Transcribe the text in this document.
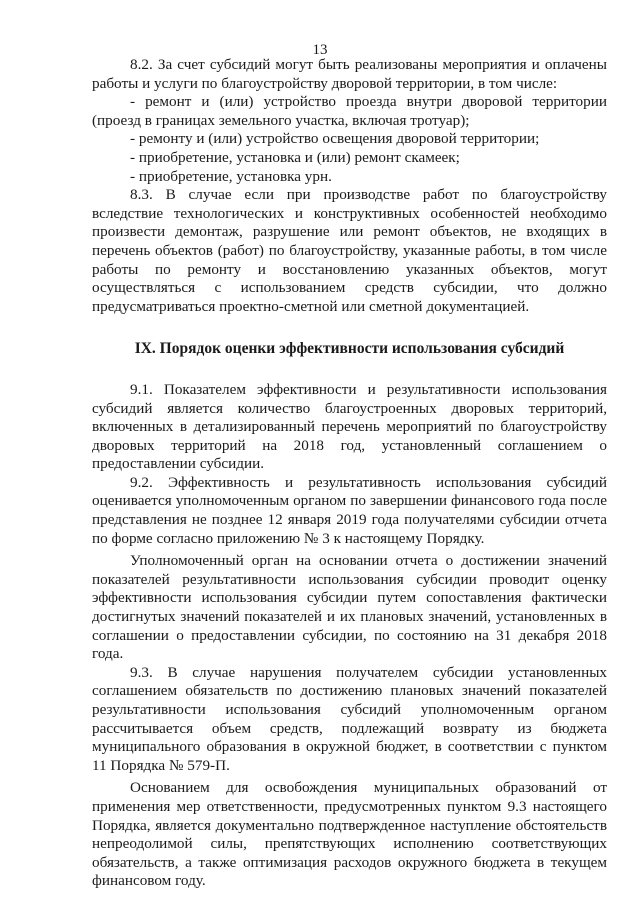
13

8.2. За счет субсидий могут быть реализованы мероприятия и оплачены работы и услуги по благоустройству дворовой территории, в том числе:

- ремонт и (или) устройство проезда внутри дворовой территории (проезд в границах земельного участка, включая тротуар);

- ремонту и (или) устройство освещения дворовой территории;

- приобретение, установка и (или) ремонт скамеек;

- приобретение, установка урн.

8.3. В случае если при производстве работ по благоустройству вследствие технологических и конструктивных особенностей необходимо произвести демонтаж, разрушение или ремонт объектов, не входящих в перечень объектов (работ) по благоустройству, указанные работы, в том числе работы по ремонту и восстановлению указанных объектов, могут осуществляться с использованием средств субсидии, что должно предусматриваться проектно-сметной или сметной документацией.

IX. Порядок оценки эффективности использования субсидий

9.1. Показателем эффективности и результативности использования субсидий является количество благоустроенных дворовых территорий, включенных в детализированный перечень мероприятий по благоустройству дворовых территорий на 2018 год, установленный соглашением о предоставлении субсидии.

9.2. Эффективность и результативность использования субсидий оценивается уполномоченным органом по завершении финансового года после представления не позднее 12 января 2019 года получателями субсидии отчета по форме согласно приложению № 3 к настоящему Порядку.

Уполномоченный орган на основании отчета о достижении значений показателей результативности использования субсидии проводит оценку эффективности использования субсидии путем сопоставления фактически достигнутых значений показателей и их плановых значений, установленных в соглашении о предоставлении субсидии, по состоянию на 31 декабря 2018 года.

9.3. В случае нарушения получателем субсидии установленных соглашением обязательств по достижению плановых значений показателей результативности использования субсидий уполномоченным органом рассчитывается объем средств, подлежащий возврату из бюджета муниципального образования в окружной бюджет, в соответствии с пунктом 11 Порядка № 579-П.

Основанием для освобождения муниципальных образований от применения мер ответственности, предусмотренных пунктом 9.3 настоящего Порядка, является документально подтвержденное наступление обстоятельств непреодолимой силы, препятствующих исполнению соответствующих обязательств, а также оптимизация расходов окружного бюджета в текущем финансовом году.
